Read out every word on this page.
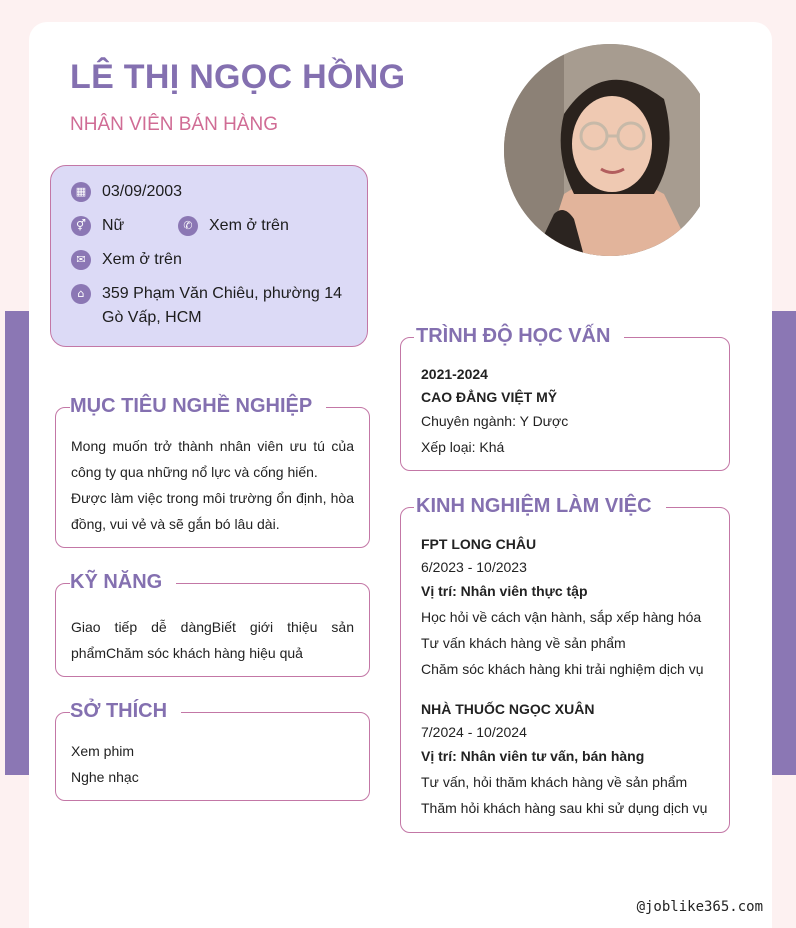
LÊ THỊ NGỌC HỒNG
NHÂN VIÊN BÁN HÀNG
▦ 03/09/2003
⚥	Nữ	✆	Xem ở trên
✉	Xem ở trên
⌂	359 Phạm Văn Chiêu, phường 14
Gò Vấp, HCM
MỤC TIÊU NGHỀ NGHIỆP
Mong muốn trở thành nhân viên ưu tú của công ty qua những nổ lực và cống hiến.
Được làm việc trong môi trường ổn định, hòa đồng, vui vẻ và sẽ gắn bó lâu dài.
KỸ NĂNG
Giao tiếp dễ dàngBiết giới thiệu sản phẩmChăm sóc khách hàng hiệu quả
SỞ THÍCH
Xem phim
Nghe nhạc
TRÌNH ĐỘ HỌC VẤN
2021-2024
CAO ĐẲNG VIỆT MỸ
Chuyên ngành: Y Dược
Xếp loại: Khá
KINH NGHIỆM LÀM VIỆC
FPT LONG CHÂU
6/2023 - 10/2023
Vị trí: Nhân viên thực tập
Học hỏi về cách vận hành, sắp xếp hàng hóa
Tư vấn khách hàng về sản phẩm
Chăm sóc khách hàng khi trải nghiệm dịch vụ
NHÀ THUỐC NGỌC XUÂN
7/2024 - 10/2024
Vị trí: Nhân viên tư vấn, bán hàng
Tư vấn, hỏi thăm khách hàng về sản phẩm
Thăm hỏi khách hàng sau khi sử dụng dịch vụ
@joblike365.com
